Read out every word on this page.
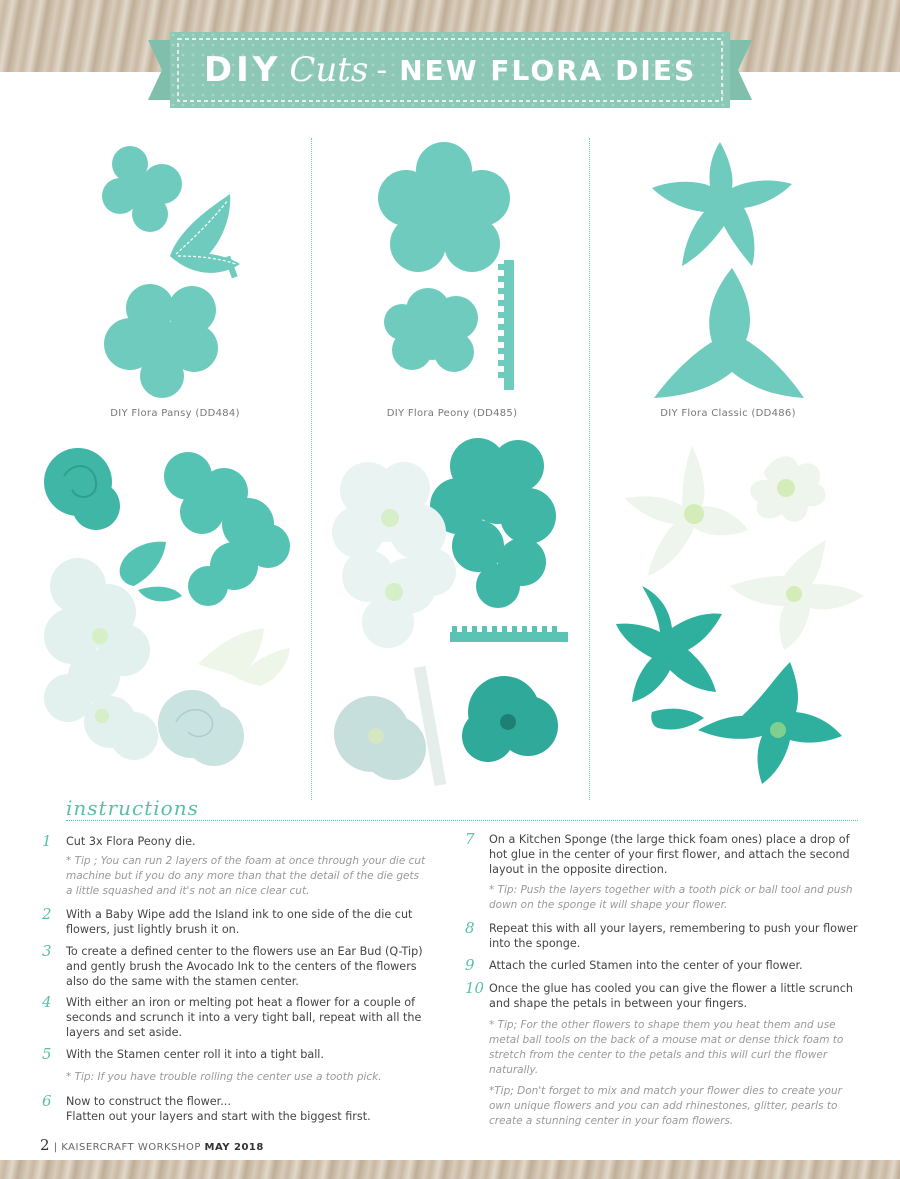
DIY Cuts - NEW FLORA DIES
DIY Flora Pansy (DD484)	DIY Flora Peony (DD485)	DIY Flora Classic (DD486)
instructions
1 Cut 3x Flora Peony die.
* Tip ; You can run 2 layers of the foam at once through your die cut machine but if you do any more than that the detail of the die gets a little squashed and it's not an nice clear cut.
2 With a Baby Wipe add the Island ink to one side of the die cut flowers, just lightly brush it on.
3 To create a defined center to the flowers use an Ear Bud (Q-Tip) and gently brush the Avocado Ink to the centers of the flowers also do the same with the stamen center.
4 With either an iron or melting pot heat a flower for a couple of seconds and scrunch it into a very tight ball, repeat with all the layers and set aside.
5 With the Stamen center roll it into a tight ball.
* Tip: If you have trouble rolling the center use a tooth pick.
6 Now to construct the flower...
Flatten out your layers and start with the biggest first.
7 On a Kitchen Sponge (the large thick foam ones) place a drop of hot glue in the center of your first flower, and attach the second layout in the opposite direction.
* Tip: Push the layers together with a tooth pick or ball tool and push down on the sponge it will shape your flower.
8 Repeat this with all your layers, remembering to push your flower into the sponge.
9 Attach the curled Stamen into the center of your flower.
10 Once the glue has cooled you can give the flower a little scrunch and shape the petals in between your fingers.
* Tip; For the other flowers to shape them you heat them and use metal ball tools on the back of a mouse mat or dense thick foam to stretch from the center to the petals and this will curl the flower naturally.
*Tip; Don't forget to mix and match your flower dies to create your own unique flowers and you can add rhinestones, glitter, pearls to create a stunning center in your foam flowers.
2 | KAISERCRAFT WORKSHOP MAY 2018
